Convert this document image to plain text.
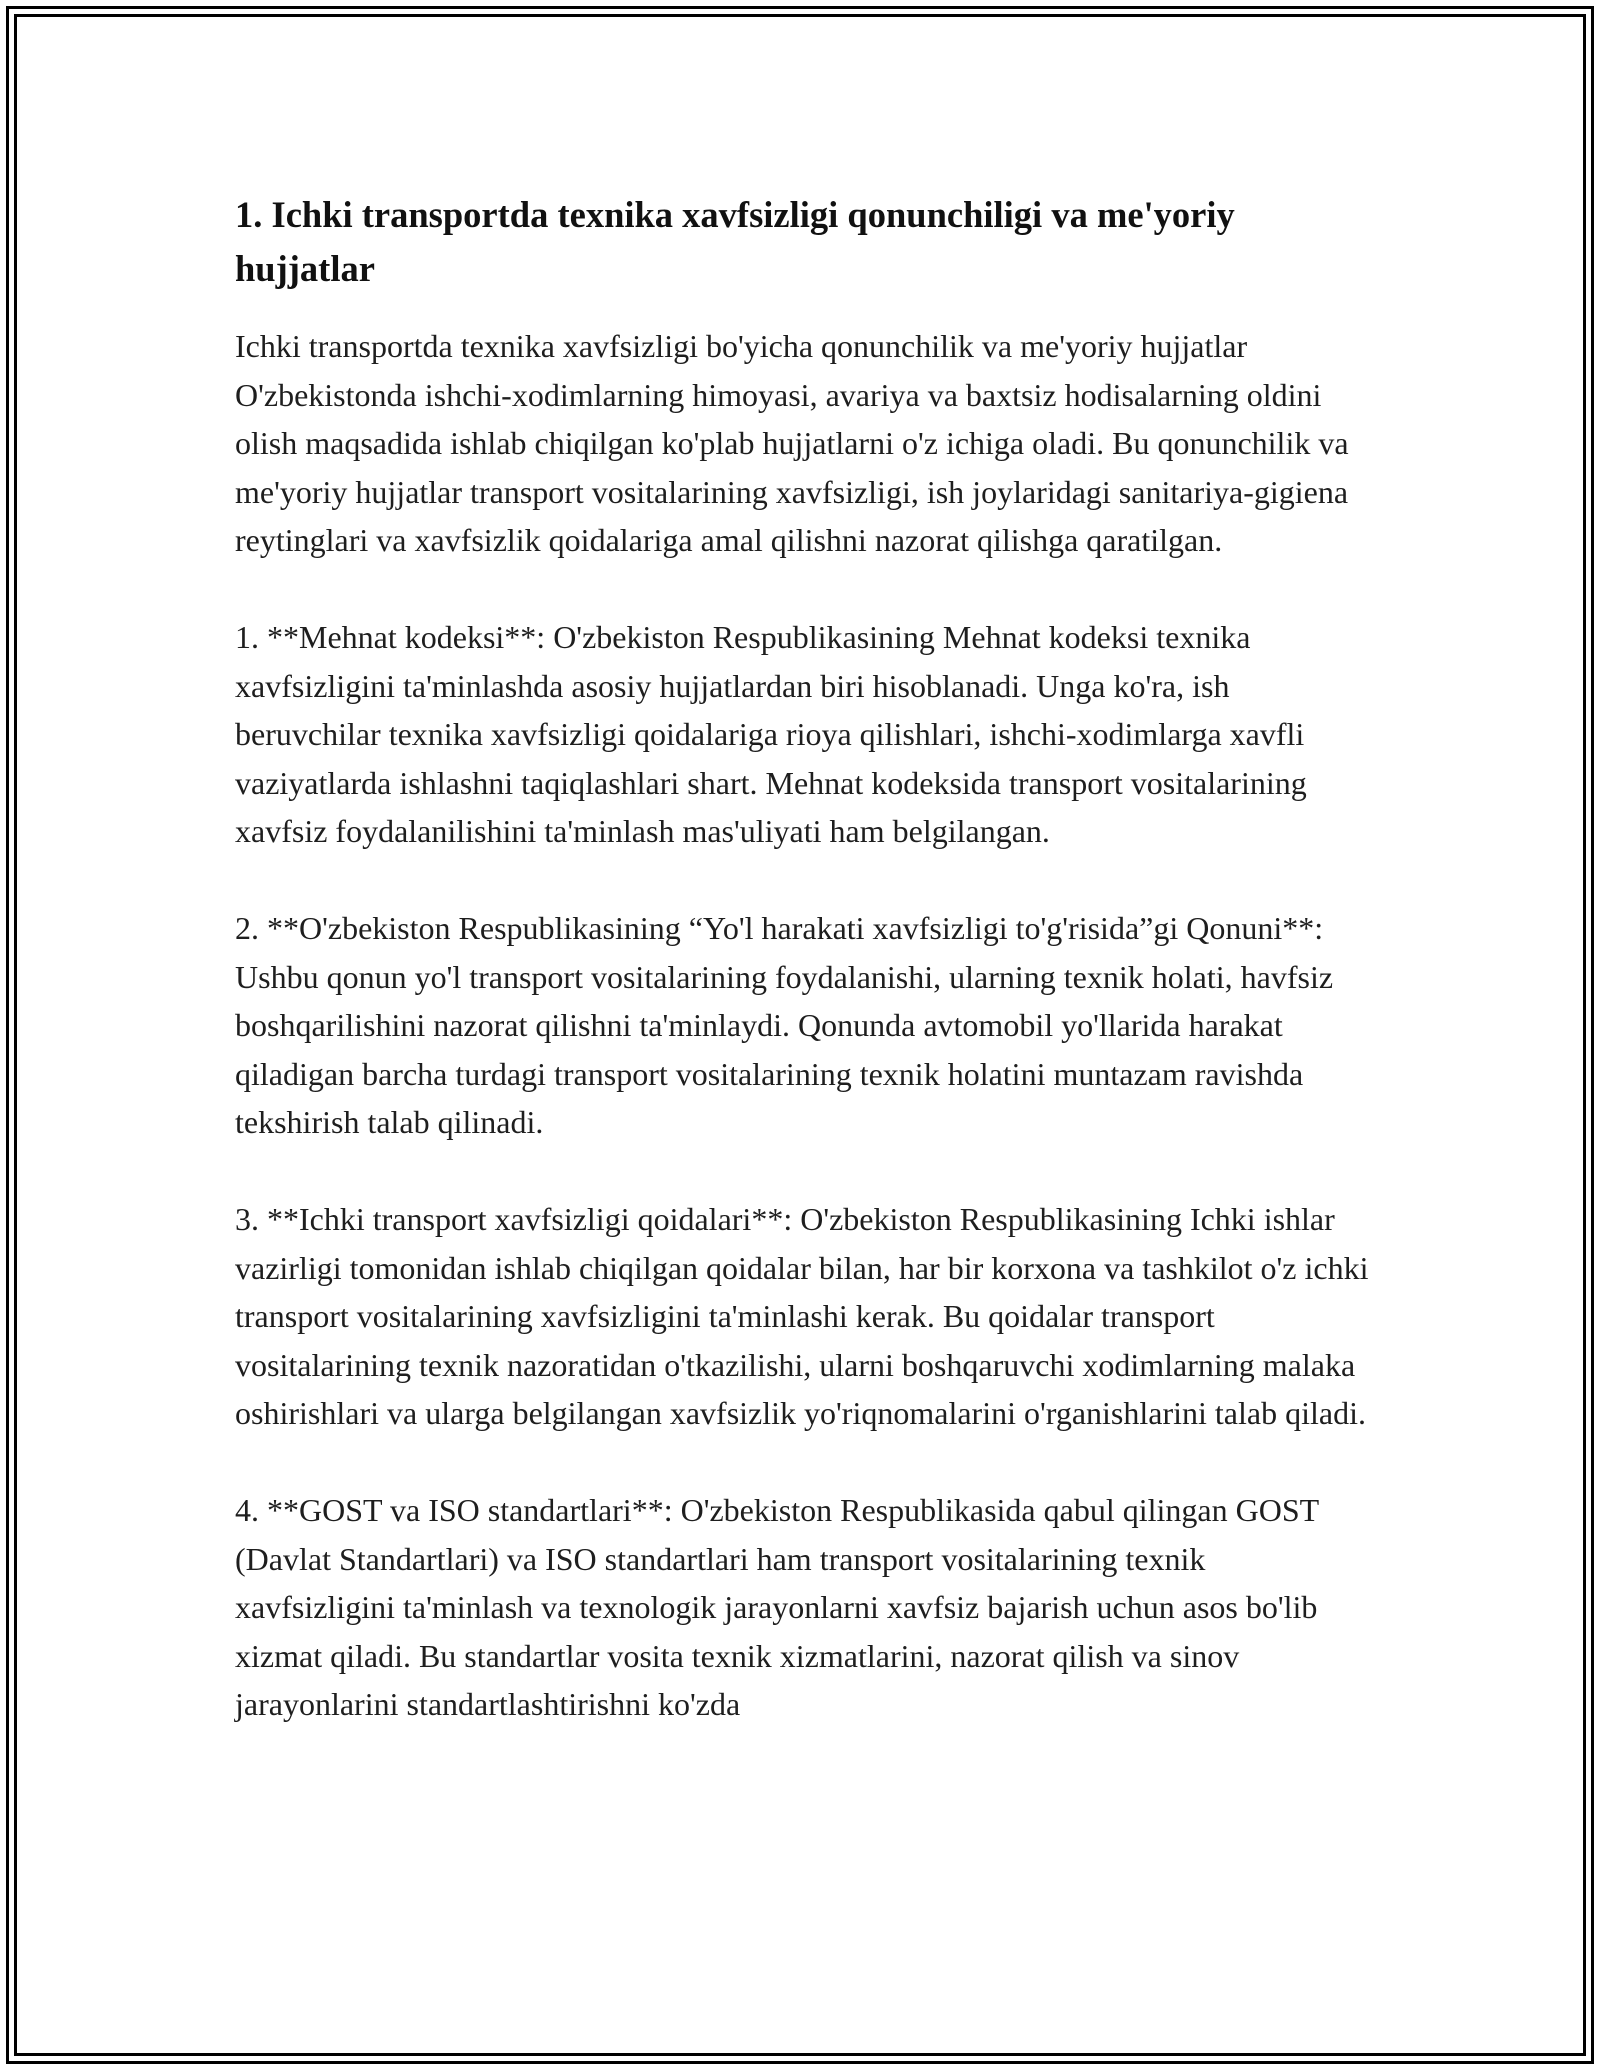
1. Ichki transportda texnika xavfsizligi qonunchiligi va me'yoriy hujjatlar

Ichki transportda texnika xavfsizligi bo'yicha qonunchilik va me'yoriy hujjatlar O'zbekistonda ishchi-xodimlarning himoyasi, avariya va baxtsiz hodisalarning oldini olish maqsadida ishlab chiqilgan ko'plab hujjatlarni o'z ichiga oladi. Bu qonunchilik va me'yoriy hujjatlar transport vositalarining xavfsizligi, ish joylaridagi sanitariya-gigiena reytinglari va xavfsizlik qoidalariga amal qilishni nazorat qilishga qaratilgan.

1. **Mehnat kodeksi**: O'zbekiston Respublikasining Mehnat kodeksi texnika xavfsizligini ta'minlashda asosiy hujjatlardan biri hisoblanadi. Unga ko'ra, ish beruvchilar texnika xavfsizligi qoidalariga rioya qilishlari, ishchi-xodimlarga xavfli vaziyatlarda ishlashni taqiqlashlari shart. Mehnat kodeksida transport vositalarining xavfsiz foydalanilishini ta'minlash mas'uliyati ham belgilangan.

2. **O'zbekiston Respublikasining “Yo'l harakati xavfsizligi to'g'risida”gi Qonuni**: Ushbu qonun yo'l transport vositalarining foydalanishi, ularning texnik holati, havfsiz boshqarilishini nazorat qilishni ta'minlaydi. Qonunda avtomobil yo'llarida harakat qiladigan barcha turdagi transport vositalarining texnik holatini muntazam ravishda tekshirish talab qilinadi.

3. **Ichki transport xavfsizligi qoidalari**: O'zbekiston Respublikasining Ichki ishlar vazirligi tomonidan ishlab chiqilgan qoidalar bilan, har bir korxona va tashkilot o'z ichki transport vositalarining xavfsizligini ta'minlashi kerak. Bu qoidalar transport vositalarining texnik nazoratidan o'tkazilishi, ularni boshqaruvchi xodimlarning malaka oshirishlari va ularga belgilangan xavfsizlik yo'riqnomalarini o'rganishlarini talab qiladi.

4. **GOST va ISO standartlari**: O'zbekiston Respublikasida qabul qilingan GOST (Davlat Standartlari) va ISO standartlari ham transport vositalarining texnik xavfsizligini ta'minlash va texnologik jarayonlarni xavfsiz bajarish uchun asos bo'lib xizmat qiladi. Bu standartlar vosita texnik xizmatlarini, nazorat qilish va sinov jarayonlarini standartlashtirishni ko'zda
